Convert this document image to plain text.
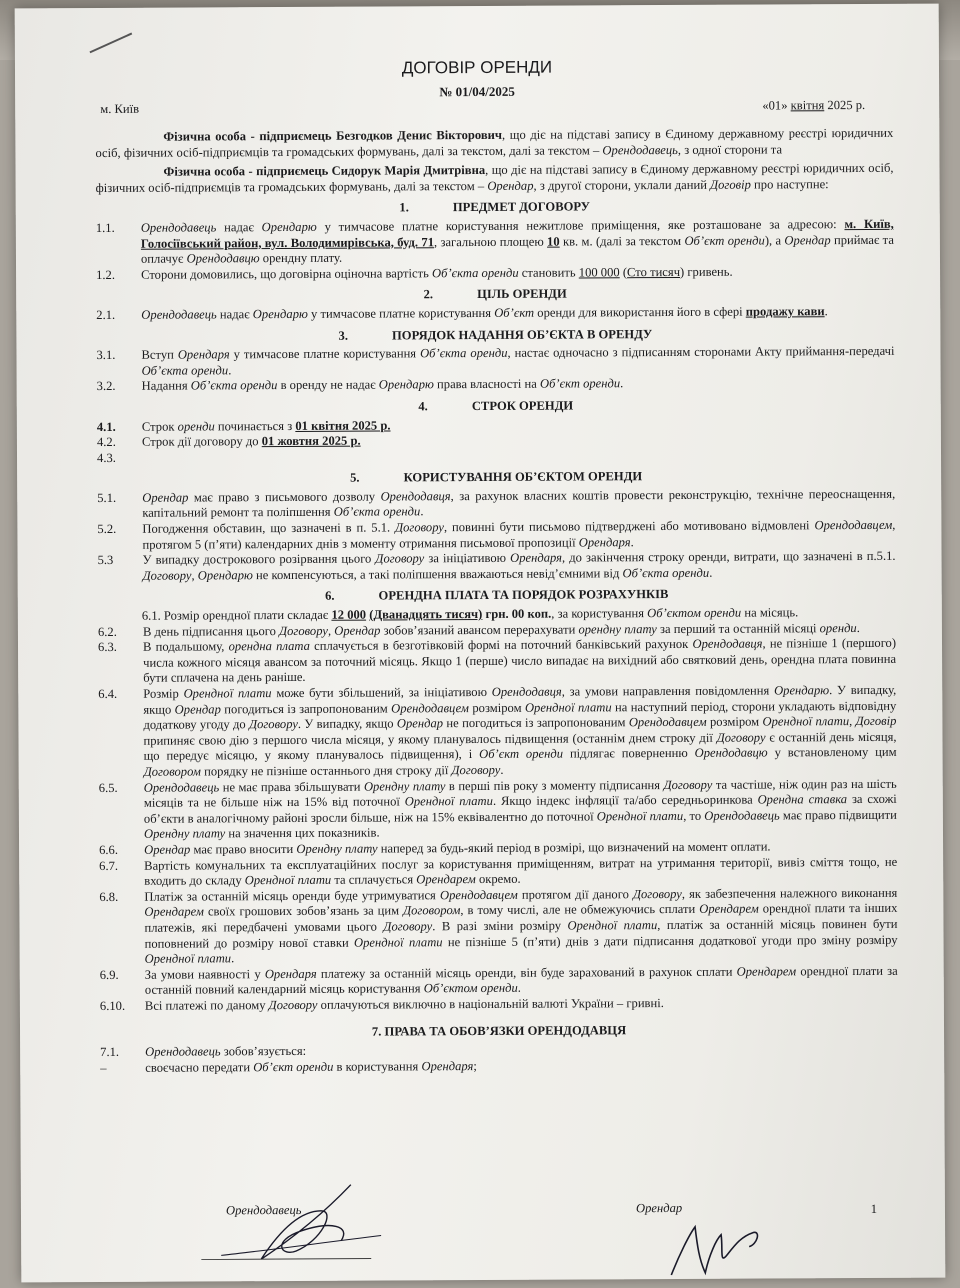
ДОГОВІР ОРЕНДИ
№ 01/04/2025
м. Київ	«01» квітня 2025 р.

Фізична особа - підприємець Безгодков Денис Вікторович, що діє на підставі запису в Єдиному державному реєстрі юридичних осіб, фізичних осіб-підприємців та громадських формувань, далі за текстом, далі за текстом – Орендодавець, з одної сторони та

Фізична особа - підприємець Сидорук Марія Дмитрівна, що діє на підставі запису в Єдиному державному реєстрі юридичних осіб, фізичних осіб-підприємців та громадських формувань, далі за текстом – Орендар, з другої сторони, уклали даний Договір про наступне:

1.	ПРЕДМЕТ ДОГОВОРУ
1.1.	Орендодавець надає Орендарю у тимчасове платне користування нежитлове приміщення, яке розташоване за адресою: м. Київ, Голосіївський район, вул. Володимирівська, буд. 71, загальною площею 10 кв. м. (далі за текстом Об’єкт оренди), а Орендар приймає та оплачує Орендодавцю орендну плату.
1.2.	Сторони домовились, що договірна оціночна вартість Об’єкта оренди становить 100 000 (Сто тисяч) гривень.
2.	ЦІЛЬ ОРЕНДИ
2.1.	Орендодавець надає Орендарю у тимчасове платне користування Об’єкт оренди для використання його в сфері продажу кави.
3.	ПОРЯДОК НАДАННЯ ОБ’ЄКТА В ОРЕНДУ
3.1.	Вступ Орендаря у тимчасове платне користування Об’єкта оренди, настає одночасно з підписанням сторонами Акту приймання-передачі Об’єкта оренди.
3.2.	Надання Об’єкта оренди в оренду не надає Орендарю права власності на Об’єкт оренди.
4.	СТРОК ОРЕНДИ
4.1.	Строк оренди починається з 01 квітня 2025 р.
4.2.	Строк дії договору до 01 жовтня 2025 р.
4.3.
5.	КОРИСТУВАННЯ ОБ’ЄКТОМ ОРЕНДИ
5.1.	Орендар має право з письмового дозволу Орендодавця, за рахунок власних коштів провести реконструкцію, технічне переоснащення, капітальний ремонт та поліпшення Об’єкта оренди.
5.2.	Погодження обставин, що зазначені в п. 5.1. Договору, повинні бути письмово підтверджені або мотивовано відмовлені Орендодавцем, протягом 5 (п’яти) календарних днів з моменту отримання письмової пропозиції Орендаря.
5.3	У випадку дострокового розірвання цього Договору за ініціативою Орендаря, до закінчення строку оренди, витрати, що зазначені в п.5.1. Договору, Орендарю не компенсуються, а такі поліпшення вважаються невід’ємними від Об’єкта оренди.
6.	ОРЕНДНА ПЛАТА ТА ПОРЯДОК РОЗРАХУНКІВ

6.1. Розмір орендної плати складає 12 000 (Дванадцять тисяч) грн. 00 коп., за користування Об’єктом оренди на місяць.

6.2.	В день підписання цього Договору, Орендар зобов’язаний авансом перерахувати орендну плату за перший та останній місяці оренди.
6.3.	В подальшому, орендна плата сплачується в безготівковій формі на поточний банківський рахунок Орендодавця, не пізніше 1 (першого) числа кожного місяця авансом за поточний місяць. Якщо 1 (перше) число випадає на вихідний або святковий день, орендна плата повинна бути сплачена на день раніше.
6.4.	Розмір Орендної плати може бути збільшений, за ініціативою Орендодавця, за умови направлення повідомлення Орендарю. У випадку, якщо Орендар погодиться із запропонованим Орендодавцем розміром Орендної плати на наступний період, сторони укладають відповідну додаткову угоду до Договору. У випадку, якщо Орендар не погодиться із запропонованим Орендодавцем розміром Орендної плати, Договір припиняє свою дію з першого числа місяця, у якому планувалось підвищення (останнім днем строку дії Договору є останній день місяця, що передує місяцю, у якому планувалось підвищення), і Об’єкт оренди підлягає поверненню Орендодавцю у встановленому цим Договором порядку не пізніше останнього дня строку дії Договору.
6.5.	Орендодавець не має права збільшувати Орендну плату в перші пів року з моменту підписання Договору та частіше, ніж один раз на шість місяців та не більше ніж на 15% від поточної Орендної плати. Якщо індекс інфляції та/або середньоринкова Орендна ставка за схожі об’єкти в аналогічному районі зросли більше, ніж на 15% еквівалентно до поточної Орендної плати, то Орендодавець має право підвищити Орендну плату на значення цих показників.
6.6.	Орендар має право вносити Орендну плату наперед за будь-який період в розмірі, що визначений на момент оплати.
6.7.	Вартість комунальних та експлуатаційних послуг за користування приміщенням, витрат на утримання території, вивіз сміття тощо, не входить до складу Орендної плати та сплачується Орендарем окремо.
6.8.	Платіж за останній місяць оренди буде утримуватися Орендодавцем протягом дії даного Договору, як забезпечення належного виконання Орендарем своїх грошових зобов’язань за цим Договором, в тому числі, але не обмежуючись сплати Орендарем орендної плати та інших платежів, які передбачені умовами цього Договору. В разі зміни розміру Орендної плати, платіж за останній місяць повинен бути поповнений до розміру нової ставки Орендної плати не пізніше 5 (п’яти) днів з дати підписання додаткової угоди про зміну розміру Орендної плати.
6.9.	За умови наявності у Орендаря платежу за останній місяць оренди, він буде зарахований в рахунок сплати Орендарем орендної плати за останній повний календарний місяць користування Об’єктом оренди.
6.10.	Всі платежі по даному Договору оплачуються виключно в національній валюті України – гривні.
7. ПРАВА ТА ОБОВ’ЯЗКИ ОРЕНДОДАВЦЯ
7.1.	Орендодавець зобов’язується:
–	своєчасно передати Об’єкт оренди в користування Орендаря;
Орендодавець	Орендар	1
